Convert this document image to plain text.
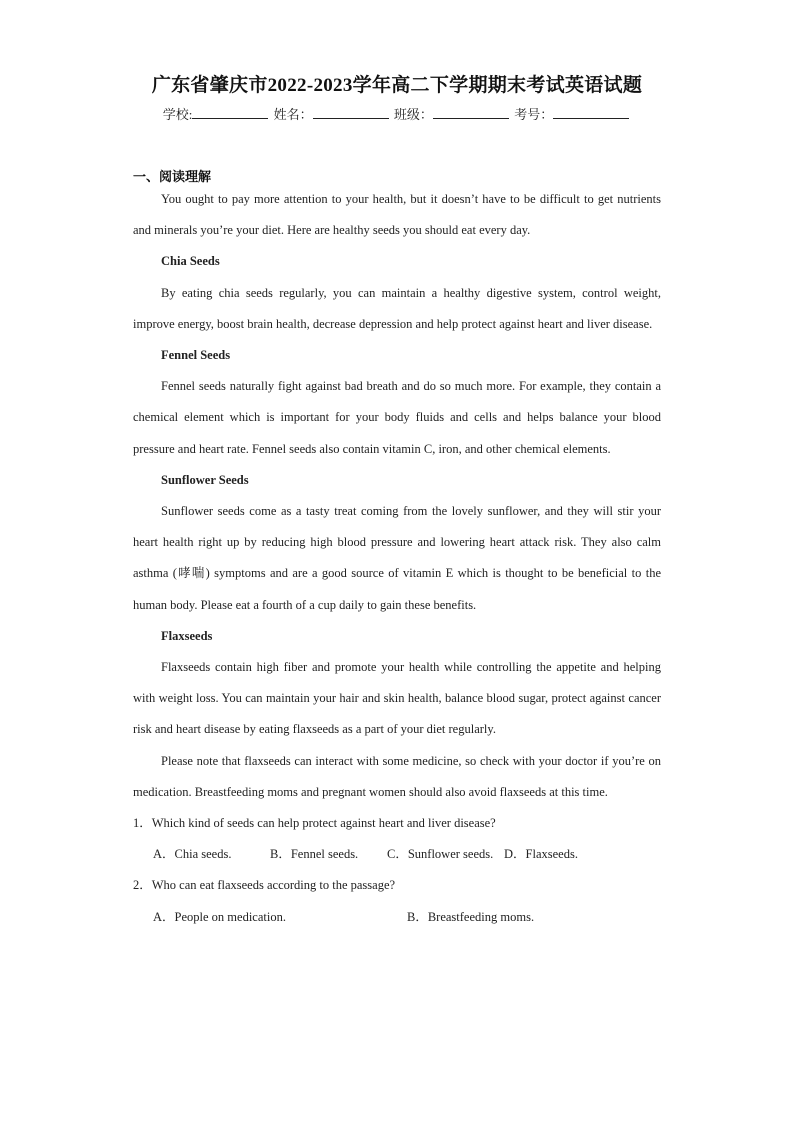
广东省肇庆市2022-2023学年高二下学期期末考试英语试题
学校:	姓名：	班级：	考号：
一、阅读理解

You ought to pay more attention to your health, but it doesn’t have to be difficult to get nutrients and minerals you’re your diet. Here are healthy seeds you should eat every day.

Chia Seeds

By eating chia seeds regularly, you can maintain a healthy digestive system, control weight, improve energy, boost brain health, decrease depression and help protect against heart and liver disease.

Fennel Seeds

Fennel seeds naturally fight against bad breath and do so much more. For example, they contain a chemical element which is important for your body fluids and cells and helps balance your blood pressure and heart rate. Fennel seeds also contain vitamin C, iron, and other chemical elements.

Sunflower Seeds

Sunflower seeds come as a tasty treat coming from the lovely sunflower, and they will stir your heart health right up by reducing high blood pressure and lowering heart attack risk. They also calm asthma (哮喘) symptoms and are a good source of vitamin E which is thought to be beneficial to the human body. Please eat a fourth of a cup daily to gain these benefits.

Flaxseeds

Flaxseeds contain high fiber and promote your health while controlling the appetite and helping with weight loss. You can maintain your hair and skin health, balance blood sugar, protect against cancer risk and heart disease by eating flaxseeds as a part of your diet regularly.

Please note that flaxseeds can interact with some medicine, so check with your doctor if you’re on medication. Breastfeeding moms and pregnant women should also avoid flaxseeds at this time.

1．Which kind of seeds can help protect against heart and liver disease?
A．Chia seeds.	B．Fennel seeds.	C．Sunflower seeds. D．Flaxseeds.
2．Who can eat flaxseeds according to the passage?
A．People on medication.	B．Breastfeeding moms.
